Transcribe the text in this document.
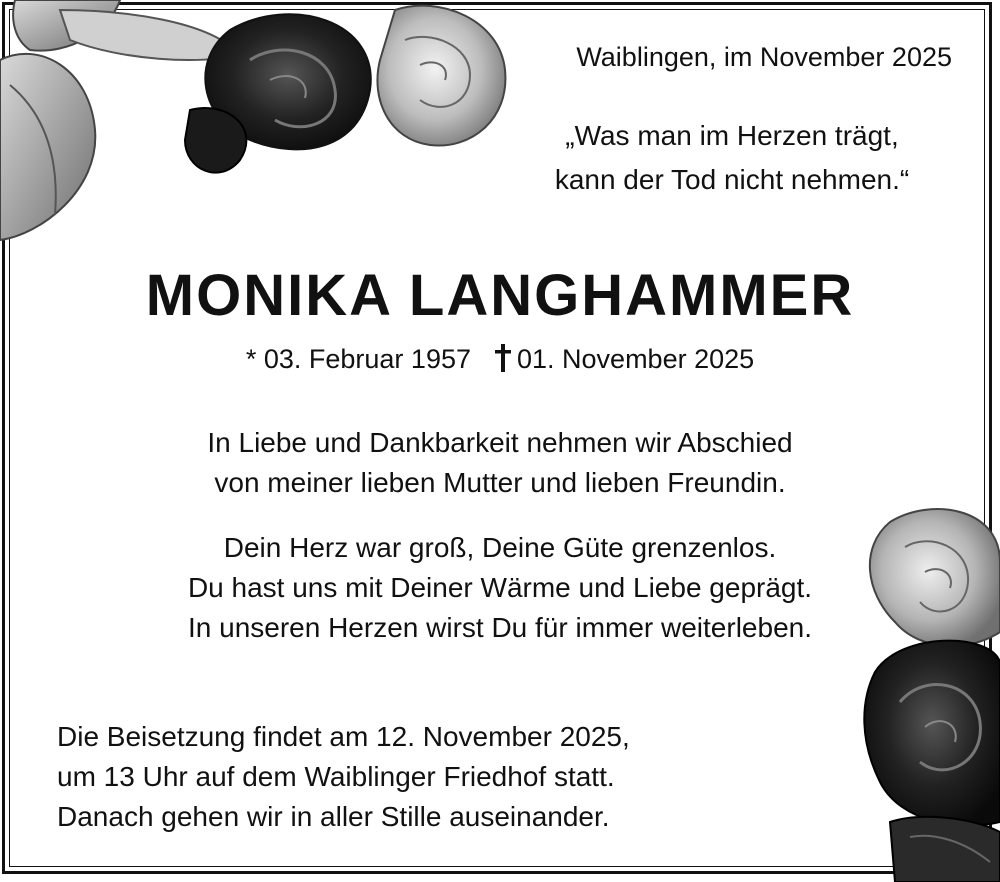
Waiblingen, im November 2025

„Was man im Herzen trägt,
kann der Tod nicht nehmen.“

MONIKA LANGHAMMER

* 03. Februar 1957 01. November 2025

In Liebe und Dankbarkeit nehmen wir Abschied
von meiner lieben Mutter und lieben Freundin.

Dein Herz war groß, Deine Güte grenzenlos.
Du hast uns mit Deiner Wärme und Liebe geprägt.
In unseren Herzen wirst Du für immer weiterleben.

Die Beisetzung findet am 12. November 2025,
um 13 Uhr auf dem Waiblinger Friedhof statt.
Danach gehen wir in aller Stille auseinander.
